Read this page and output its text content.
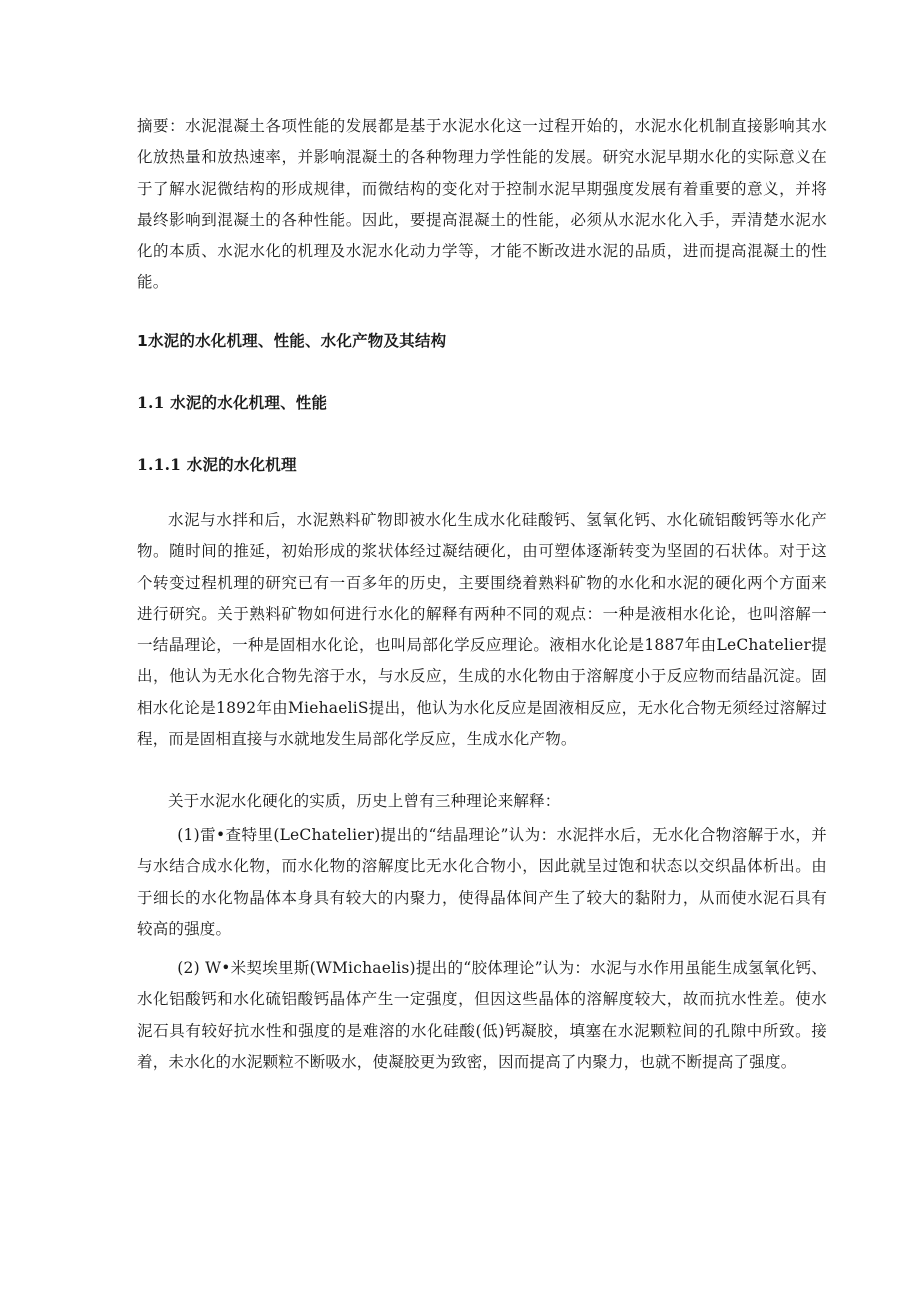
摘要：水泥混凝土各项性能的发展都是基于水泥水化这一过程开始的，水泥水化机制直接影响其水化放热量和放热速率，并影响混凝土的各种物理力学性能的发展。研究水泥早期水化的实际意义在于了解水泥微结构的形成规律，而微结构的变化对于控制水泥早期强度发展有着重要的意义，并将最终影响到混凝土的各种性能。因此，要提高混凝土的性能，必须从水泥水化入手，弄清楚水泥水化的本质、水泥水化的机理及水泥水化动力学等，才能不断改进水泥的品质，进而提高混凝土的性能。

1水泥的水化机理、性能、水化产物及其结构
1.1 水泥的水化机理、性能
1.1.1 水泥的水化机理

水泥与水拌和后，水泥熟料矿物即被水化生成水化硅酸钙、氢氧化钙、水化硫铝酸钙等水化产物。随时间的推延，初始形成的浆状体经过凝结硬化，由可塑体逐渐转变为坚固的石状体。对于这个转变过程机理的研究已有一百多年的历史，主要围绕着熟料矿物的水化和水泥的硬化两个方面来进行研究。关于熟料矿物如何进行水化的解释有两种不同的观点：一种是液相水化论，也叫溶解一一结晶理论，一种是固相水化论，也叫局部化学反应理论。液相水化论是1887年由LeChatelier提出，他认为无水化合物先溶于水，与水反应，生成的水化物由于溶解度小于反应物而结晶沉淀。固相水化论是1892年由MiehaeliS提出，他认为水化反应是固液相反应，无水化合物无须经过溶解过程，而是固相直接与水就地发生局部化学反应，生成水化产物。

关于水泥水化硬化的实质，历史上曾有三种理论来解释：

(1)雷•查特里(LeChatelier)提出的“结晶理论”认为：水泥拌水后，无水化合物溶解于水，并与水结合成水化物，而水化物的溶解度比无水化合物小，因此就呈过饱和状态以交织晶体析出。由于细长的水化物晶体本身具有较大的内聚力，使得晶体间产生了较大的黏附力，从而使水泥石具有较高的强度。

(2) W•米契埃里斯(WMichaelis)提出的“胶体理论”认为：水泥与水作用虽能生成氢氧化钙、水化铝酸钙和水化硫铝酸钙晶体产生一定强度，但因这些晶体的溶解度较大，故而抗水性差。使水泥石具有较好抗水性和强度的是难溶的水化硅酸(低)钙凝胶，填塞在水泥颗粒间的孔隙中所致。接着，未水化的水泥颗粒不断吸水，使凝胶更为致密，因而提高了内聚力，也就不断提高了强度。
